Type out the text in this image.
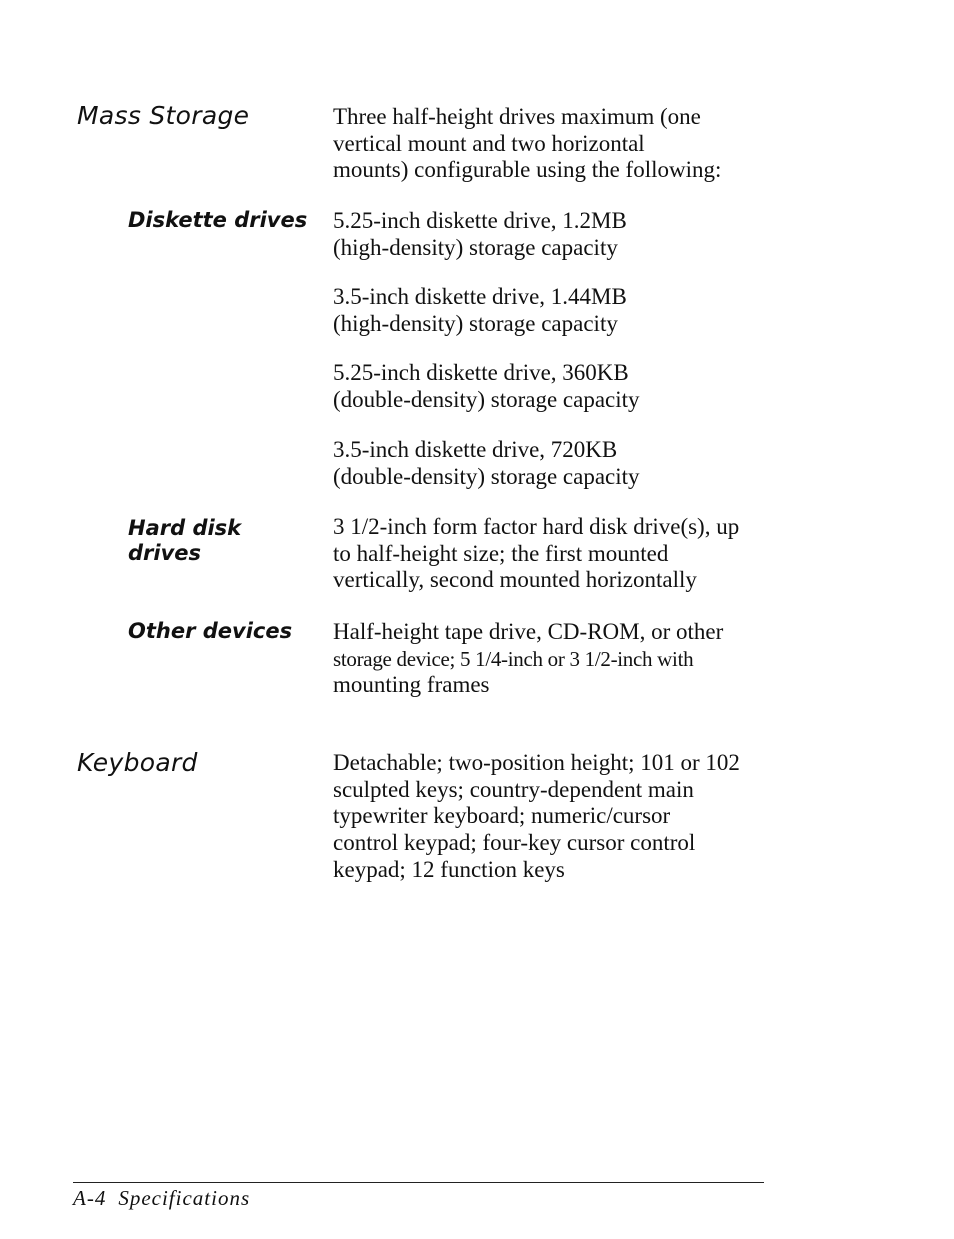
Mass Storage	Three half-height drives maximum (one
vertical mount and two horizontal
mounts) configurable using the following:

Diskette drives 5.25-inch diskette drive, 1.2MB
(high-density) storage capacity

3.5-inch diskette drive, 1.44MB
(high-density) storage capacity

5.25-inch diskette drive, 360KB
(double-density) storage capacity

3.5-inch diskette drive, 720KB
(double-density) storage capacity

Hard disk
drives

3 1/2-inch form factor hard disk drive(s), up
to half-height size; the first mounted
vertically, second mounted horizontally

Other devices Half-height tape drive, CD-ROM, or other
storage device; 5 1/4-inch or 3 1/2-inch with
mounting frames

Keyboard	Detachable; two-position height; 101 or 102
sculpted keys; country-dependent main
typewriter keyboard; numeric/cursor
control keypad; four-key cursor control
keypad; 12 function keys

A-4 Specifications
